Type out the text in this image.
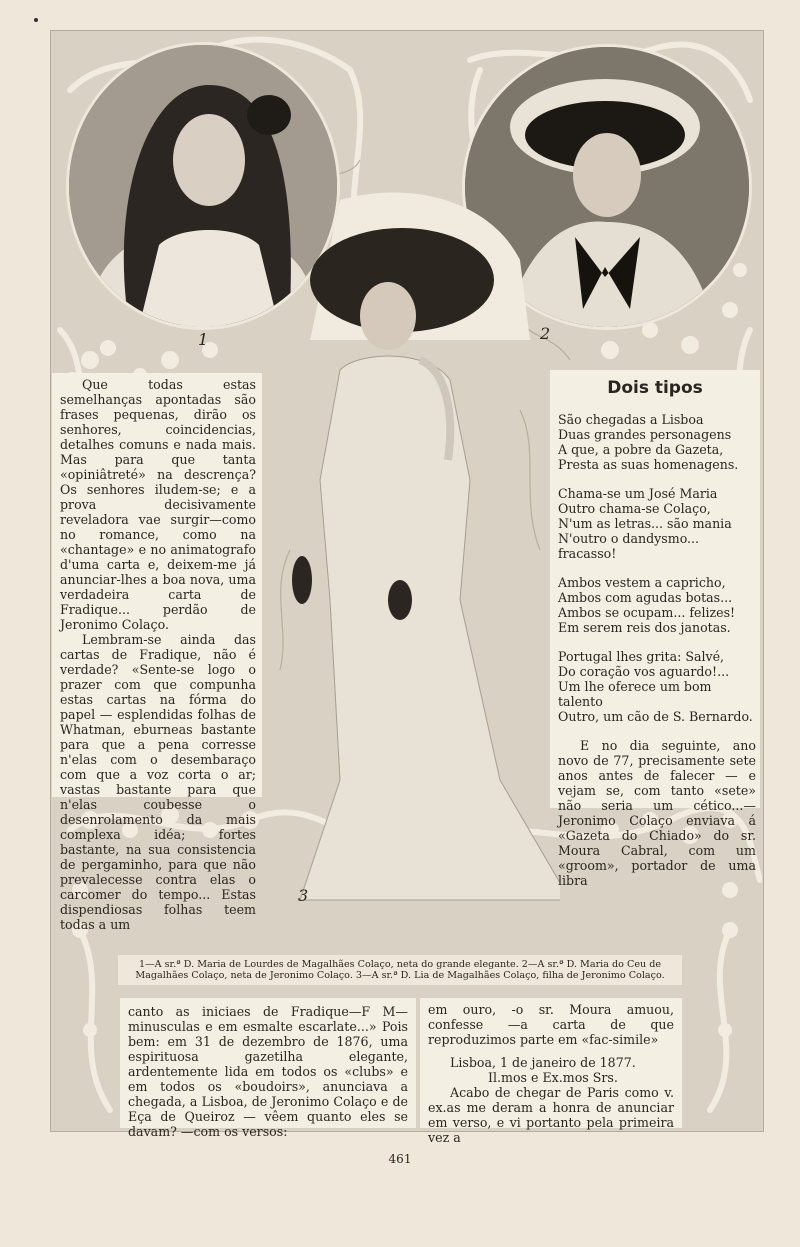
1	2
3

Que todas estas semelhanças apontadas são frases pequenas, dirão os senhores, coincidencias, detalhes comuns e nada mais. Mas para que tanta «opiniâtreté» na descrença? Os senhores iludem-se; e a prova decisivamente reveladora vae surgir—como no romance, como na «chantage» e no animatografo d'uma carta e, deixem-me já anunciar-lhes a boa nova, uma verdadeira carta de Fradique... perdão de Jeronimo Colaço.

Lembram-se ainda das cartas de Fradique, não é verdade? «Sente-se logo o prazer com que compunha estas cartas na fórma do papel — esplendidas folhas de Whatman, eburneas bastante para que a pena corresse n'elas com o desembaraço com que a voz corta o ar; vastas bastante para que n'elas coubesse o desenrolamento da mais complexa idéa; fortes bastante, na sua consistencia de pergaminho, para que não prevalecesse contra elas o carcomer do tempo... Estas dispendiosas folhas teem todas a um

Dois tipos
São chegadas a Lisboa
Duas grandes personagens
A que, a pobre da Gazeta,
Presta as suas homenagens.
Chama-se um José Maria
Outro chama-se Colaço,
N'um as letras... são mania
N'outro o dandysmo... fracasso!
Ambos vestem a capricho,
Ambos com agudas botas...
Ambos se ocupam... felizes!
Em serem reis dos janotas.
Portugal lhes grita: Salvé,
Do coração vos aguardo!...
Um lhe oferece um bom talento
Outro, um cão de S. Bernardo.

E no dia seguinte, ano novo de 77, precisamente sete anos antes de falecer — e vejam se, com tanto «sete» não seria um cético...—Jeronimo Colaço enviava á «Gazeta do Chiado» do sr. Moura Cabral, com um «groom», portador de uma libra

1—A sr.ª D. Maria de Lourdes de Magalhães Colaço, neta do grande elegante. 2—A sr.ª D. Maria do Ceu de Magalhães Colaço, neta de Jeronimo Colaço. 3—A sr.ª D. Lia de Magalhães Colaço, filha de Jeronimo Colaço.

canto as iniciaes de Fradique—F M—minusculas e em esmalte escarlate...» Pois bem: em 31 de dezembro de 1876, uma espirituosa gazetilha elegante, ardentemente lida em todos os «clubs» e em todos os «boudoirs», anunciava a chegada, a Lisboa, de Jeronimo Colaço e de Eça de Queiroz — vêem quanto eles se davam? —com os versos:

em ouro, -o sr. Moura amuou, confesse —a carta de que reproduzimos parte em «fac-simile»

Lisboa, 1 de janeiro de 1877.

Il.mos e Ex.mos Srs.

Acabo de chegar de Paris como v. ex.as me deram a honra de anunciar em verso, e vi portanto pela primeira vez a

461
